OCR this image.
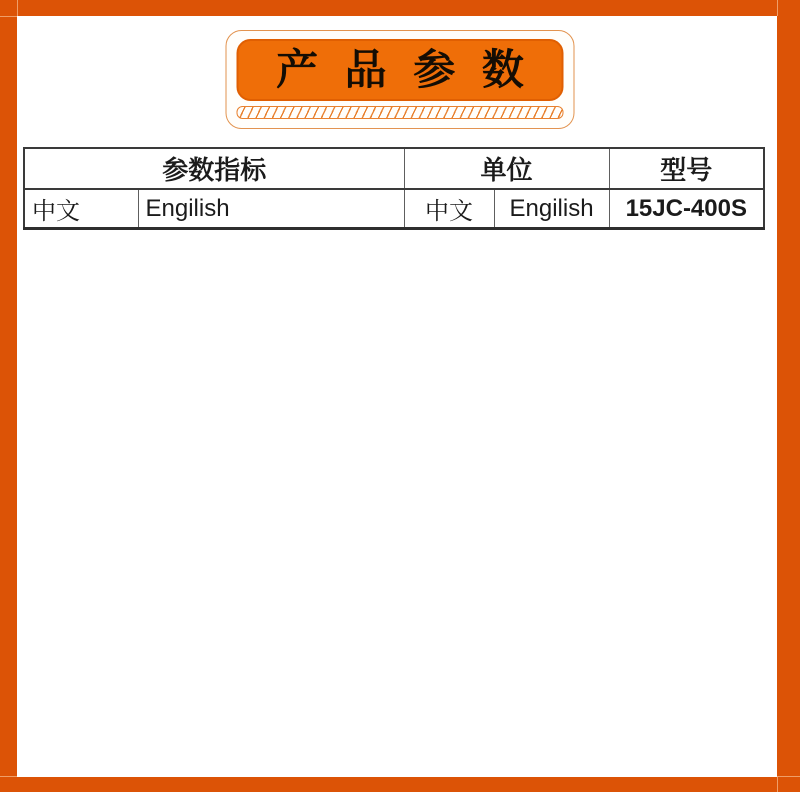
产 品 参 数
参数指标		单位		型号
中文	Engilish	中文	Engilish	15JC-400S
